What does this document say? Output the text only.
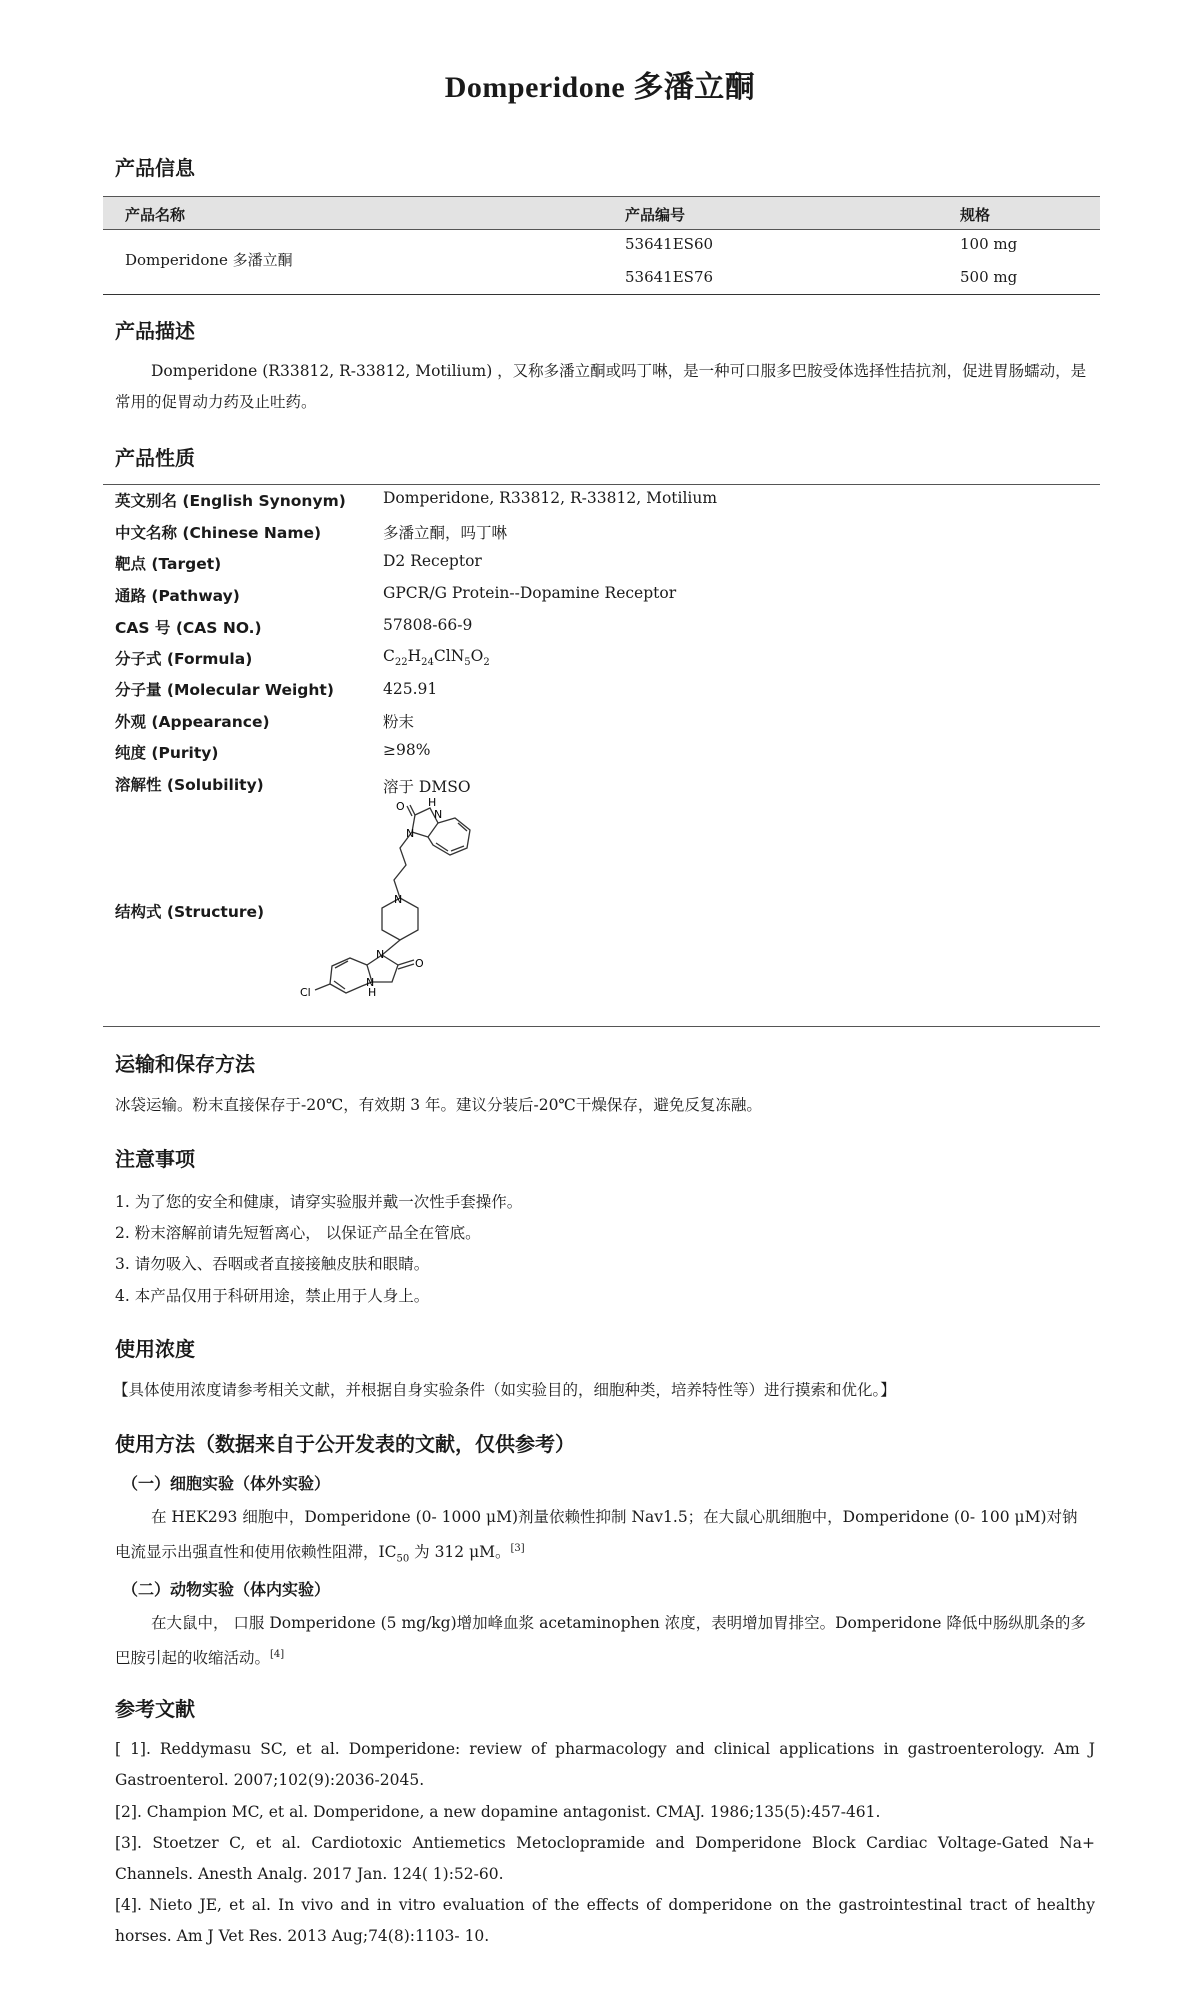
Domperidone 多潘立酮
产品信息
产品名称	产品编号	规格
Domperidone 多潘立酮
53641ES60	100 mg
53641ES76	500 mg
产品描述
Domperidone (R33812, R-33812, Motilium) ，又称多潘立酮或吗丁啉，是一种可口服多巴胺受体选择性拮抗剂，促进胃肠蠕动，是常用的促胃动力药及止吐药。
产品性质
英文别名 (English Synonym) Domperidone, R33812, R-33812, Motilium
中文名称 (Chinese Name)	多潘立酮，吗丁啉
靶点 (Target)	D2 Receptor
通路 (Pathway)	GPCR/G Protein--Dopamine Receptor
CAS 号 (CAS NO.)	57808-66-9
分子式 (Formula)	$C_{22}H_{24}ClN_5O_2$
分子量 (Molecular Weight)	425.91
外观 (Appearance)	粉末
纯度 (Purity)	≥98%
溶解性 (Solubility)	溶于 DMSO
结构式 (Structure)
O H
N
N
N
N
O
H
N
Cl
运输和保存方法
冰袋运输。粉末直接保存于-20℃，有效期 3 年。建议分装后-20℃干燥保存，避免反复冻融。
注意事项
1. 为了您的安全和健康，请穿实验服并戴一次性手套操作。
2. 粉末溶解前请先短暂离心， 以保证产品全在管底。
3. 请勿吸入、吞咽或者直接接触皮肤和眼睛。
4. 本产品仅用于科研用途，禁止用于人身上。
使用浓度
【具体使用浓度请参考相关文献，并根据自身实验条件（如实验目的，细胞种类，培养特性等）进行摸索和优化。】
使用方法（数据来自于公开发表的文献，仅供参考）
（一）细胞实验（体外实验）
在 HEK293 细胞中，Domperidone (0- 1000 μM)剂量依赖性抑制 Nav1.5；在大鼠心肌细胞中，Domperidone (0- 100 μM)对钠电流显示出强直性和使用依赖性阻滞，$IC_{50}$ 为 312 μM。[3]
（二）动物实验（体内实验）
在大鼠中， 口服 Domperidone (5 mg/kg)增加峰血浆 acetaminophen 浓度，表明增加胃排空。Domperidone 降低中肠纵肌条的多巴胺引起的收缩活动。[4]
参考文献
[ 1]. Reddymasu SC, et al. Domperidone: review of pharmacology and clinical applications in gastroenterology. Am J Gastroenterol. 2007;102(9):2036-2045.
[2]. Champion MC, et al. Domperidone, a new dopamine antagonist. CMAJ. 1986;135(5):457-461.
[3]. Stoetzer C, et al. Cardiotoxic Antiemetics Metoclopramide and Domperidone Block Cardiac Voltage-Gated Na+ Channels. Anesth Analg. 2017 Jan. 124( 1):52-60.
[4]. Nieto JE, et al. In vivo and in vitro evaluation of the effects of domperidone on the gastrointestinal tract of healthy horses. Am J Vet Res. 2013 Aug;74(8):1103- 10.
